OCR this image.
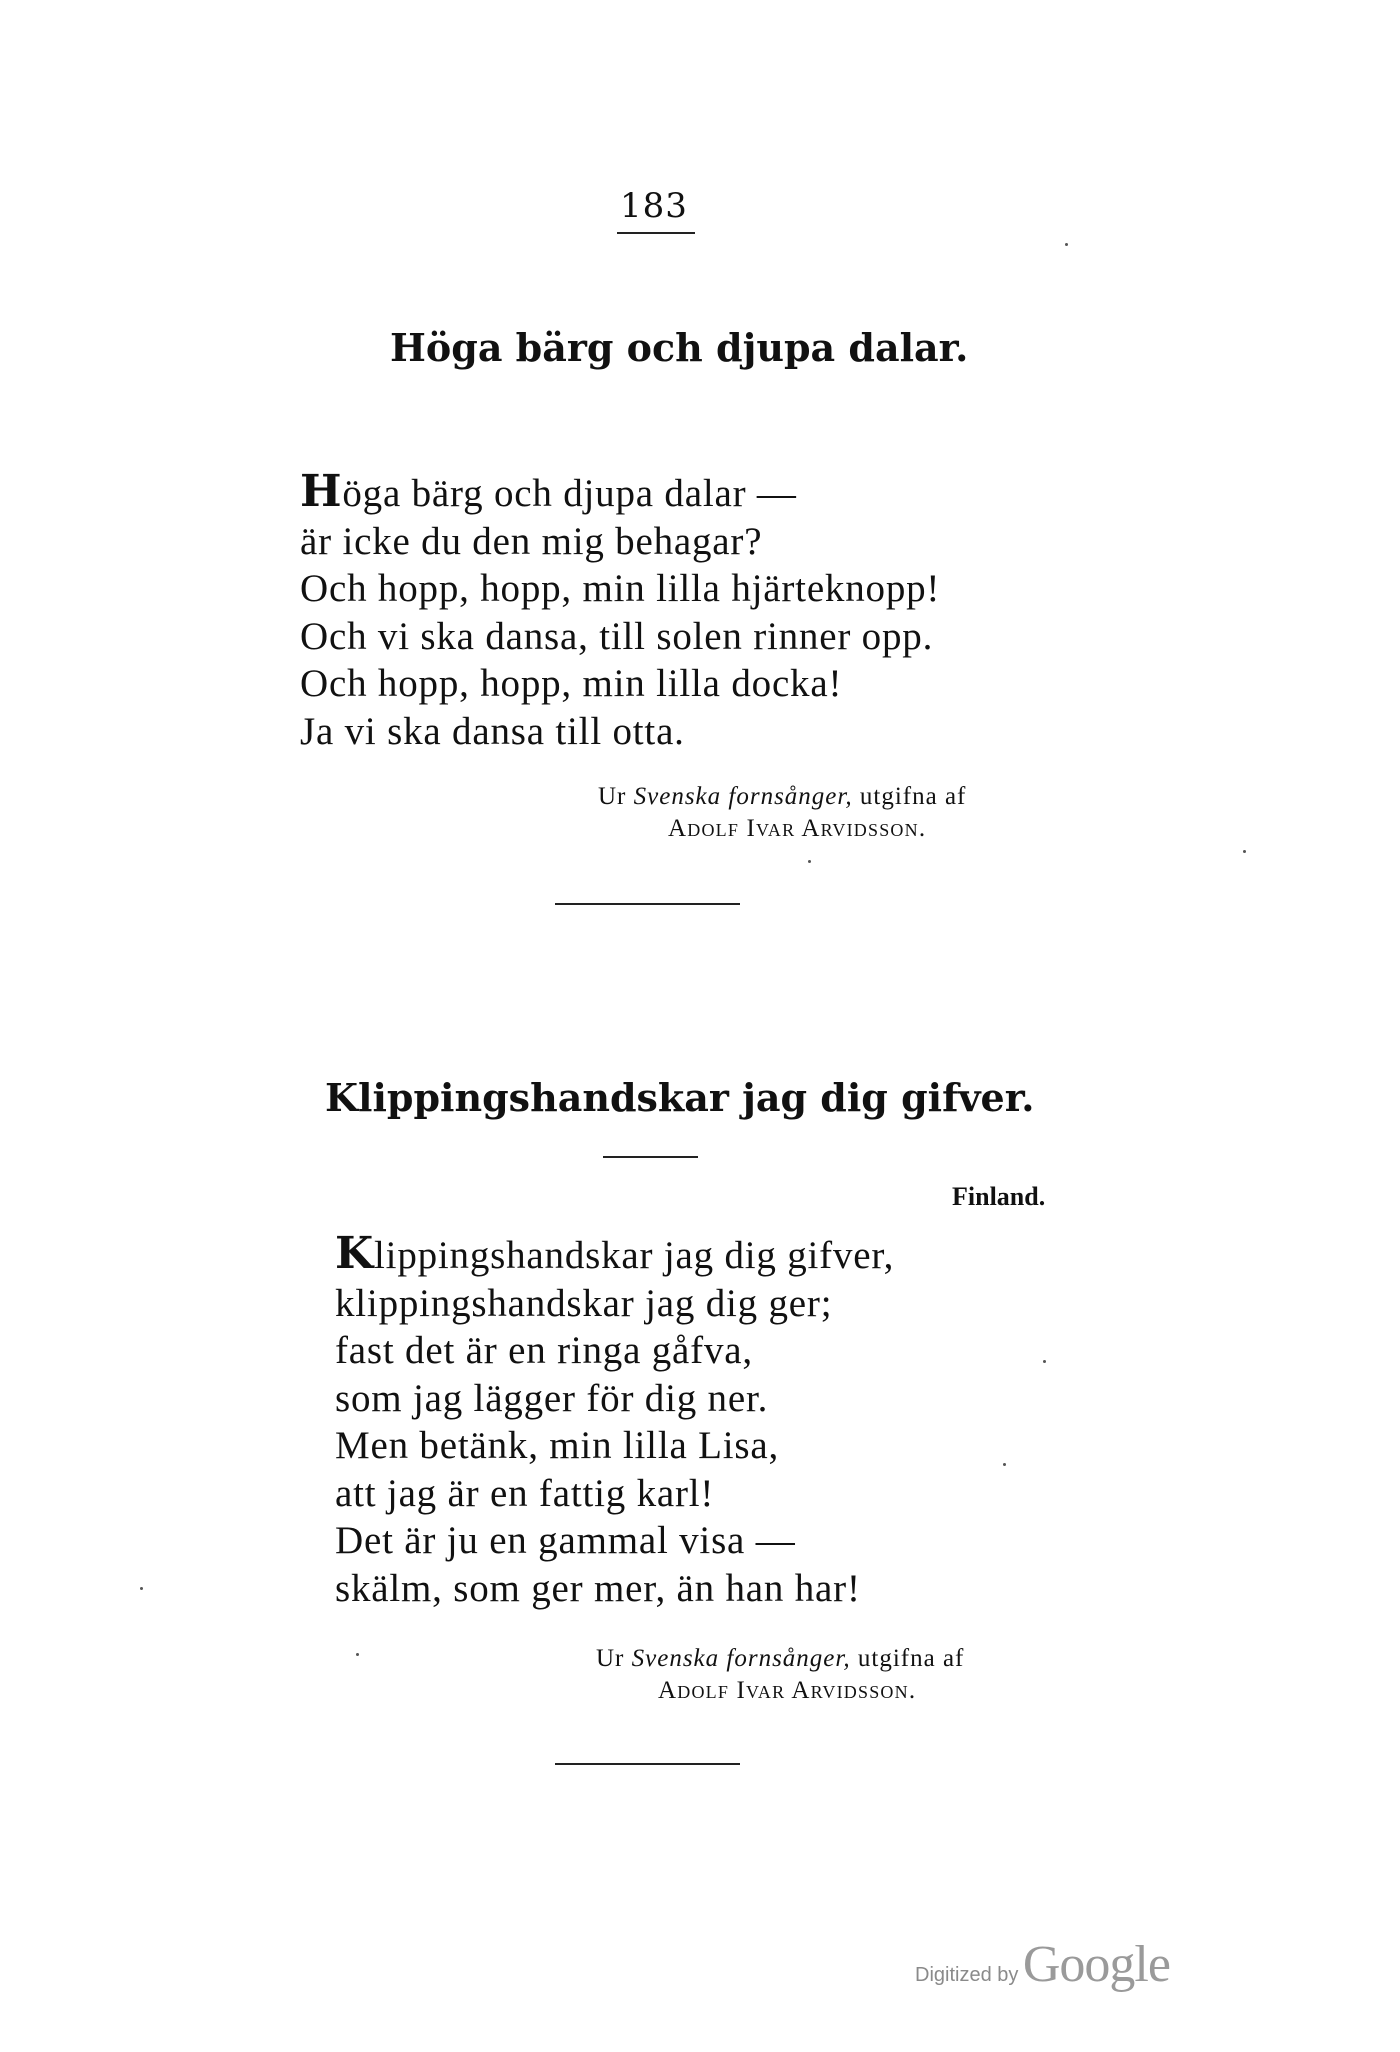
183
Höga bärg och djupa dalar.
Höga bärg och djupa dalar —
är icke du den mig behagar?
Och hopp, hopp, min lilla hjärteknopp!
Och vi ska dansa, till solen rinner opp.
Och hopp, hopp, min lilla docka!
Ja vi ska dansa till otta.
Ur Svenska fornsånger, utgifna af
Adolf Ivar Arvidsson.
Klippingshandskar jag dig gifver.
Finland.
Klippingshandskar jag dig gifver,
klippingshandskar jag dig ger;
fast det är en ringa gåfva,
som jag lägger för dig ner.
Men betänk, min lilla Lisa,
att jag är en fattig karl!
Det är ju en gammal visa —
skälm, som ger mer, än han har!
Ur Svenska fornsånger, utgifna af
Adolf Ivar Arvidsson.
Digitized by Google
